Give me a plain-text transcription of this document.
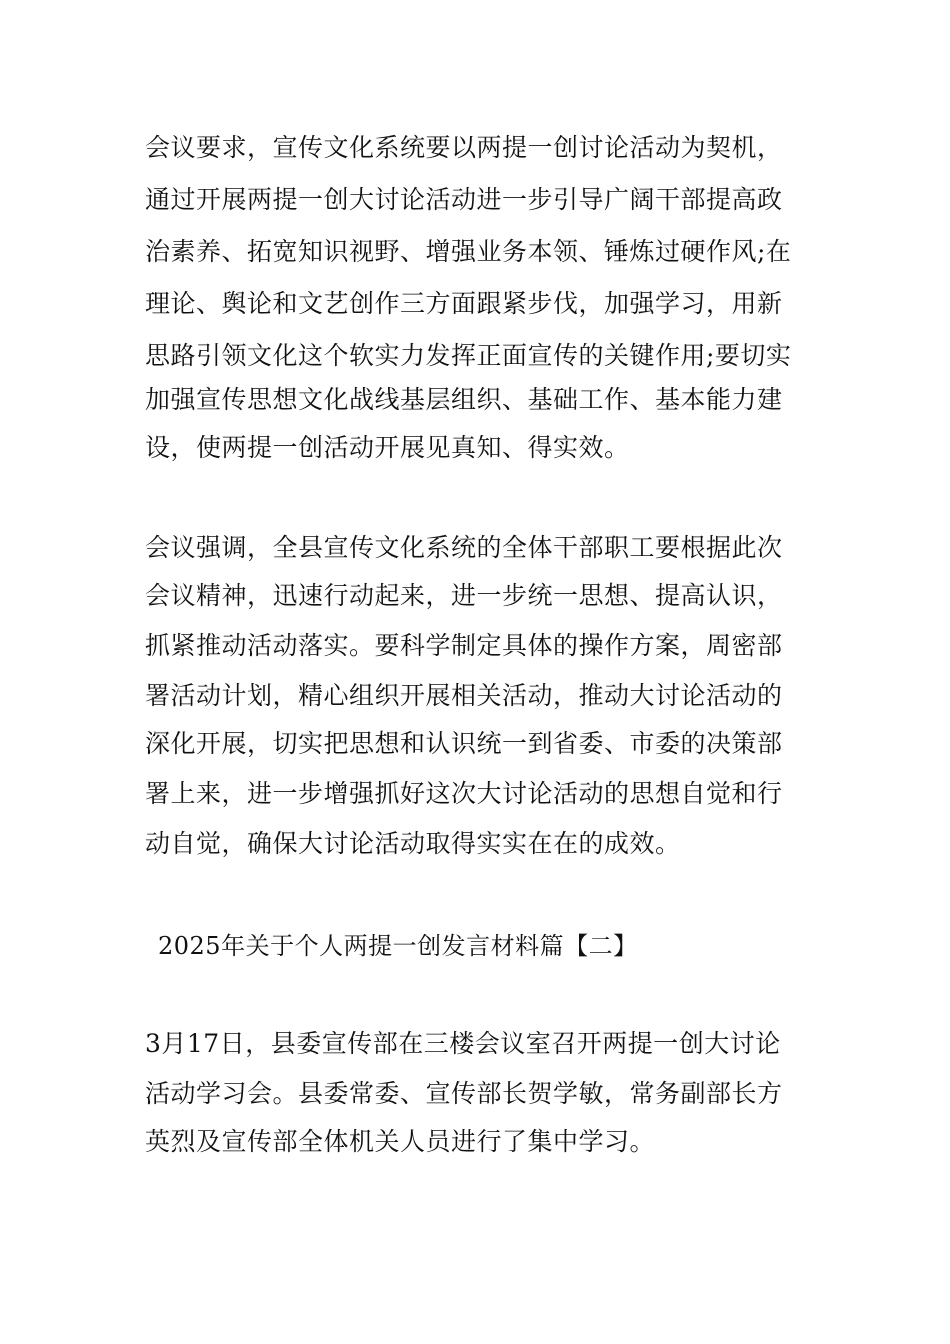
会议要求，宣传文化系统要以两提一创讨论活动为契机，
通过开展两提一创大讨论活动进一步引导广阔干部提高政
治素养、拓宽知识视野、增强业务本领、锤炼过硬作风;在
理论、舆论和文艺创作三方面跟紧步伐，加强学习，用新
思路引领文化这个软实力发挥正面宣传的关键作用;要切实
加强宣传思想文化战线基层组织、基础工作、基本能力建
设，使两提一创活动开展见真知、得实效。
会议强调，全县宣传文化系统的全体干部职工要根据此次
会议精神，迅速行动起来，进一步统一思想、提高认识，
抓紧推动活动落实。要科学制定具体的操作方案，周密部
署活动计划，精心组织开展相关活动，推动大讨论活动的
深化开展，切实把思想和认识统一到省委、市委的决策部
署上来，进一步增强抓好这次大讨论活动的思想自觉和行
动自觉，确保大讨论活动取得实实在在的成效。
2025年关于个人两提一创发言材料篇【二】
3月17日，县委宣传部在三楼会议室召开两提一创大讨论
活动学习会。县委常委、宣传部长贺学敏，常务副部长方
英烈及宣传部全体机关人员进行了集中学习。
